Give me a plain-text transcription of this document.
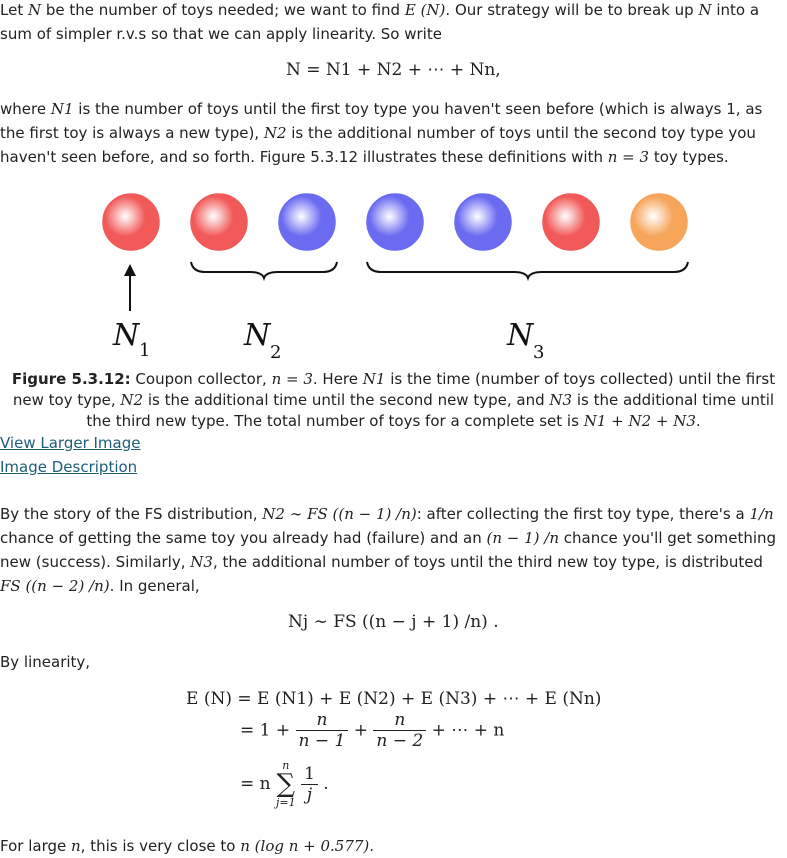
Let N be the number of toys needed; we want to find E (N). Our strategy will be to break up N into a sum of simpler r.v.s so that we can apply linearity. So write

N = N1 + N2 + ⋯ + Nn,

where N1 is the number of toys until the first toy type you haven't seen before (which is always 1, as the first toy is always a new type), N2 is the additional number of toys until the second toy type you haven't seen before, and so forth. Figure 5.3.12 illustrates these definitions with n = 3 toy types.

N 1	N 2	N 3
Figure 5.3.12: Coupon collector, n = 3. Here N1 is the time (number of toys collected) until the first new toy type, N2 is the additional time until the second new type, and N3 is the additional time until the third new type. The total number of toys for a complete set is N1 + N2 + N3.
View Larger Image
Image Description

By the story of the FS distribution, N2 ∼ FS ((n − 1) /n): after collecting the first toy type, there's a 1/n chance of getting the same toy you already had (failure) and an (n − 1) /n chance you'll get something new (success). Similarly, N3, the additional number of toys until the third new toy type, is distributed FS ((n − 2) /n). In general,

Nj ∼ FS ((n − j + 1) /n) .

By linearity,

E (N) = E (N1) + E (N2) + E (N3) + ⋯ + E (Nn)
= $1 + \frac{n}{n - 1} + \frac{n}{n - 2}$ + ⋯ + n
= n
n
∑
j=1
$\frac{1}{j}$ .

For large n, this is very close to n (log n + 0.577).
